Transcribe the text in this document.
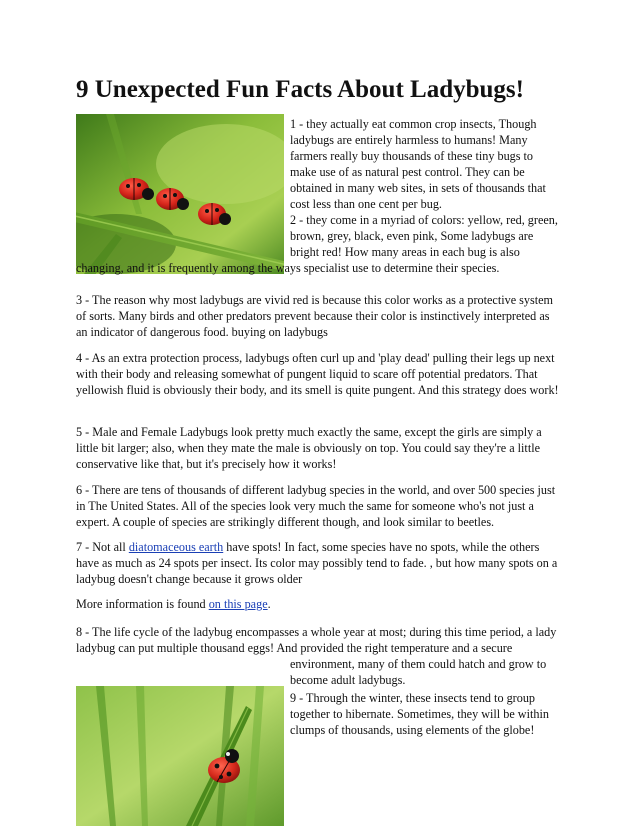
9 Unexpected Fun Facts About Ladybugs!

1 - they actually eat common crop insects, Though ladybugs are entirely harmless to humans! Many farmers really buy thousands of these tiny bugs to make use of as natural pest control. They can be obtained in many web sites, in sets of thousands that cost less than one cent per bug.

2 - they come in a myriad of colors: yellow, red, green, brown, grey, black, even pink, Some ladybugs are bright red! How many areas in each bug is also

changing, and it is frequently among the ways specialist use to determine their species.

3 - The reason why most ladybugs are vivid red is because this color works as a protective system of sorts. Many birds and other predators prevent because their color is instinctively interpreted as an indicator of dangerous food. buying on ladybugs

4 - As an extra protection process, ladybugs often curl up and 'play dead' pulling their legs up next with their body and releasing somewhat of pungent liquid to scare off potential predators. That yellowish fluid is obviously their body, and its smell is quite pungent. And this strategy does work!

5 - Male and Female Ladybugs look pretty much exactly the same, except the girls are simply a little bit larger; also, when they mate the male is obviously on top. You could say they're a little conservative like that, but it's precisely how it works!

6 - There are tens of thousands of different ladybug species in the world, and over 500 species just in The United States. All of the species look very much the same for someone who's not just a expert. A couple of species are strikingly different though, and look similar to beetles.

7 - Not all diatomaceous earth have spots! In fact, some species have no spots, while the others have as much as 24 spots per insect. Its color may possibly tend to fade. , but how many spots on a ladybug doesn't change because it grows older

More information is found on this page.

8 - The life cycle of the ladybug encompasses a whole year at most; during this time period, a lady ladybug can put multiple thousand eggs! And provided the right temperature and a secure

environment, many of them could hatch and grow to become adult ladybugs.

9 - Through the winter, these insects tend to group together to hibernate. Sometimes, they will be within clumps of thousands, using elements of the globe!
